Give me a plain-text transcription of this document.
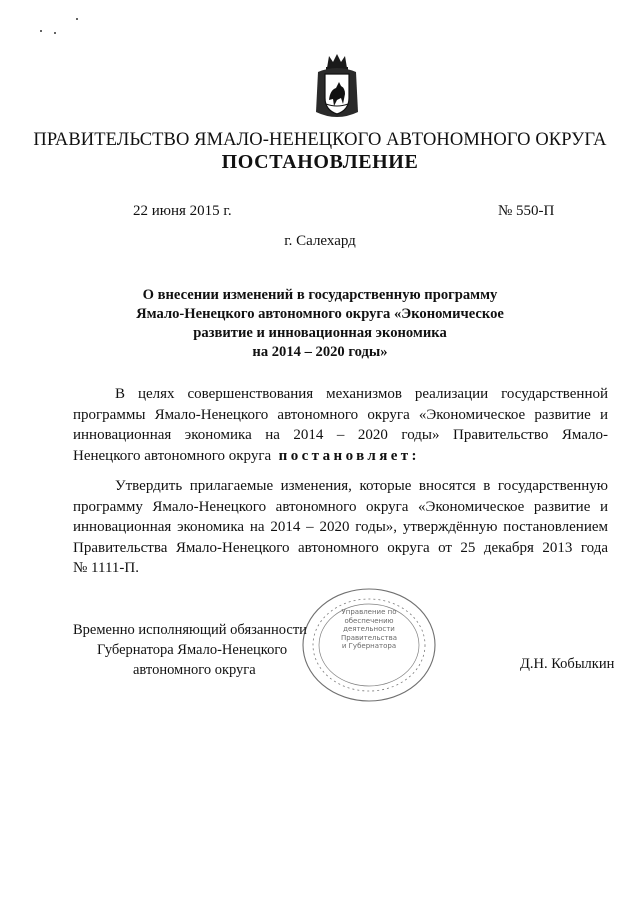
ПРАВИТЕЛЬСТВО ЯМАЛО-НЕНЕЦКОГО АВТОНОМНОГО ОКРУГА
ПОСТАНОВЛЕНИЕ
22 июня 2015 г.	№ 550-П
г. Салехард
О внесении изменений в государственную программу
Ямало-Ненецкого автономного округа «Экономическое
развитие и инновационная экономика
на 2014 – 2020 годы»
В целях совершенствования механизмов реализации государственной
программы Ямало-Ненецкого автономного округа «Экономическое развитие и
инновационная экономика на 2014 – 2020 годы» Правительство Ямало-
Ненецкого автономного округа постановляет:
Утвердить прилагаемые изменения, которые вносятся в государственную
программу Ямало-Ненецкого автономного округа «Экономическое развитие и
инновационная экономика на 2014 – 2020 годы», утверждённую постановлением
Правительства Ямало-Ненецкого автономного округа от 25 декабря 2013 года
№ 1111-П.
Управление по
обеспечению
деятельности
Правительства
и Губернатора
Временно исполняющий обязанности
Губернатора Ямало-Ненецкого
автономного округа	Д.Н. Кобылкин
